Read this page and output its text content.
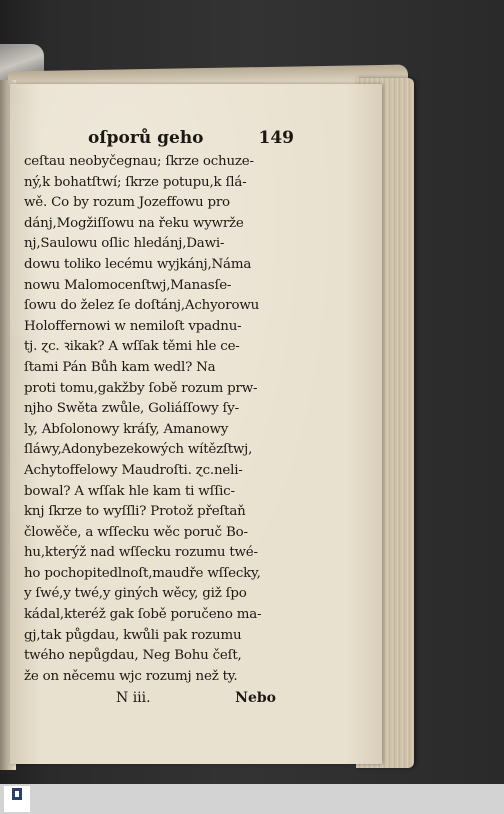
oſporů geho	149
ceſtau neobyčegnau; ſkrze ochuze-
ný,k bohatſtwí; ſkrze potupu,k ſlá-
wě. Co by rozum Jozeffowu pro
dánj,Mogžiſſowu na řeku wywrže
nj,Saulowu oſlic hledánj,Dawi-
dowu toliko lecému wyjkánj,Náma
nowu Malomocenſtwj,Manasſe-
ſowu do želez ſe doſtánj,Achyorowu
Holoffernowi w nemiloſt vpadnu-
tj. ɀc. ꝛikak? A wſſak těmi hle ce-
ſtami Pán Bůh kam wedl? Na
proti tomu,gakžby ſobě rozum prw-
nјho Swěta zwůle, Goliáſſowy ſy-
ly, Abſolonowy kráſy, Amanowy
ſláwy,Adonybezekowých wítězſtwj,
Achytoffelowy Maudroſti. ɀc.neli-
bowal? A wſſak hle kam ti wſſic-
knj ſkrze to wyſſli? Protož přeſtaň
člowěče, a wſſecku wěc poruč Bo-
hu,kterýž nad wſſecku rozumu twé-
ho pochopitedlnoſt,maudře wſſecky,
y ſwé,y twé,y giných wěcy, giž ſpo
kádal,kteréž gak ſobě poručeno ma-
gj,tak půgdau, kwůli pak rozumu
twého nepůgdau, Neg Bohu čeſt,
že on něcemu wjc rozumj než ty.
N iii.	Nebo
